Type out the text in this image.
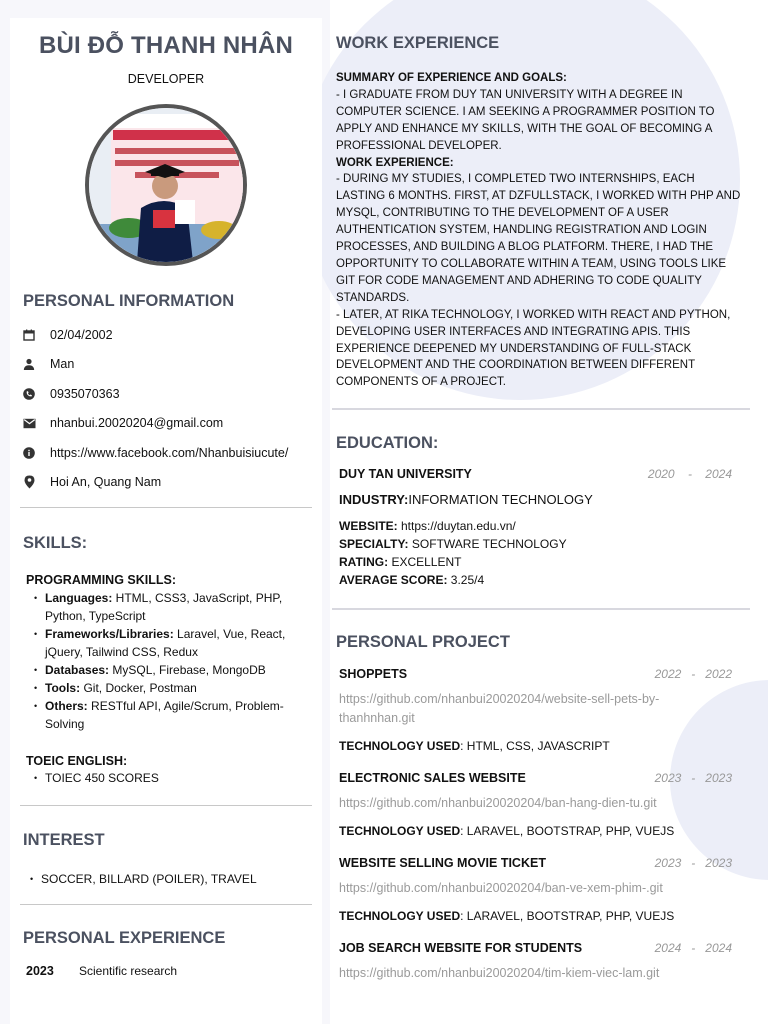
BÙI ĐỖ THANH NHÂN
DEVELOPER
PERSONAL INFORMATION
02/04/2002
Man
0935070363
nhanbui.20020204@gmail.com
https://www.facebook.com/Nhanbuisiucute/
Hoi An, Quang Nam
SKILLS:
PROGRAMMING SKILLS:
• Languages: HTML, CSS3, JavaScript, PHP, Python, TypeScript
• Frameworks/Libraries: Laravel, Vue, React, jQuery, Tailwind CSS, Redux
• Databases: MySQL, Firebase, MongoDB
• Tools: Git, Docker, Postman
• Others: RESTful API, Agile/Scrum, Problem-Solving
TOEIC ENGLISH:
• TOIEC 450 SCORES
INTEREST
• SOCCER, BILLARD (POILER), TRAVEL
PERSONAL EXPERIENCE
2023	Scientific research
WORK EXPERIENCE
SUMMARY OF EXPERIENCE AND GOALS:
- I GRADUATE FROM DUY TAN UNIVERSITY WITH A DEGREE IN COMPUTER SCIENCE. I AM SEEKING A PROGRAMMER POSITION TO APPLY AND ENHANCE MY SKILLS, WITH THE GOAL OF BECOMING A PROFESSIONAL DEVELOPER.
WORK EXPERIENCE:
- DURING MY STUDIES, I COMPLETED TWO INTERNSHIPS, EACH LASTING 6 MONTHS. FIRST, AT DZFULLSTACK, I WORKED WITH PHP AND MYSQL, CONTRIBUTING TO THE DEVELOPMENT OF A USER AUTHENTICATION SYSTEM, HANDLING REGISTRATION AND LOGIN PROCESSES, AND BUILDING A BLOG PLATFORM. THERE, I HAD THE OPPORTUNITY TO COLLABORATE WITHIN A TEAM, USING TOOLS LIKE GIT FOR CODE MANAGEMENT AND ADHERING TO CODE QUALITY STANDARDS.
- LATER, AT RIKA TECHNOLOGY, I WORKED WITH REACT AND PYTHON, DEVELOPING USER INTERFACES AND INTEGRATING APIS. THIS EXPERIENCE DEEPENED MY UNDERSTANDING OF FULL-STACK DEVELOPMENT AND THE COORDINATION BETWEEN DIFFERENT COMPONENTS OF A PROJECT.
EDUCATION:
DUY TAN UNIVERSITY	2020 - 2024
INDUSTRY:INFORMATION TECHNOLOGY
WEBSITE: https://duytan.edu.vn/
SPECIALTY: SOFTWARE TECHNOLOGY
RATING: EXCELLENT
AVERAGE SCORE: 3.25/4
PERSONAL PROJECT
SHOPPETS	2022 - 2022
https://github.com/nhanbui20020204/website-sell-pets-by-thanhnhan.git
TECHNOLOGY USED: HTML, CSS, JAVASCRIPT
ELECTRONIC SALES WEBSITE	2023 - 2023
https://github.com/nhanbui20020204/ban-hang-dien-tu.git
TECHNOLOGY USED: LARAVEL, BOOTSTRAP, PHP, VUEJS
WEBSITE SELLING MOVIE TICKET	2023 - 2023
https://github.com/nhanbui20020204/ban-ve-xem-phim-.git
TECHNOLOGY USED: LARAVEL, BOOTSTRAP, PHP, VUEJS
JOB SEARCH WEBSITE FOR STUDENTS	2024 - 2024
https://github.com/nhanbui20020204/tim-kiem-viec-lam.git
